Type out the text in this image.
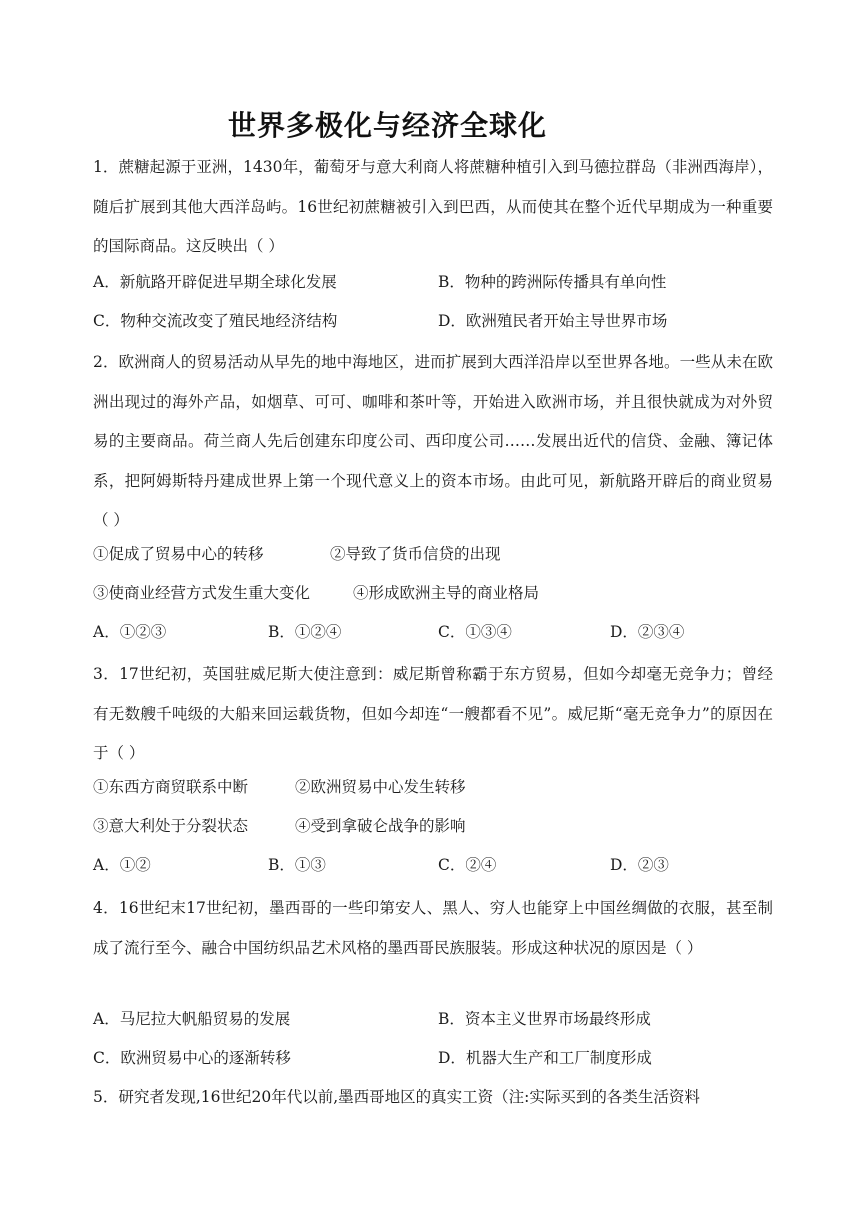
世界多极化与经济全球化
1．蔗糖起源于亚洲，1430年，葡萄牙与意大利商人将蔗糖种植引入到马德拉群岛（非洲西海岸），随后扩展到其他大西洋岛屿。16世纪初蔗糖被引入到巴西，从而使其在整个近代早期成为一种重要的国际商品。这反映出（ ）
A．新航路开辟促进早期全球化发展	B．物种的跨洲际传播具有单向性
C．物种交流改变了殖民地经济结构	D．欧洲殖民者开始主导世界市场
2．欧洲商人的贸易活动从早先的地中海地区，进而扩展到大西洋沿岸以至世界各地。一些从未在欧洲出现过的海外产品，如烟草、可可、咖啡和茶叶等，开始进入欧洲市场，并且很快就成为对外贸易的主要商品。荷兰商人先后创建东印度公司、西印度公司……发展出近代的信贷、金融、簿记体系，把阿姆斯特丹建成世界上第一个现代意义上的资本市场。由此可见，新航路开辟后的商业贸易（ ）
①促成了贸易中心的转移	②导致了货币信贷的出现
③使商业经营方式发生重大变化	④形成欧洲主导的商业格局
A．①②③	B．①②④	C．①③④	D．②③④
3．17世纪初，英国驻威尼斯大使注意到：威尼斯曾称霸于东方贸易，但如今却毫无竞争力；曾经有无数艘千吨级的大船来回运载货物，但如今却连“一艘都看不见”。威尼斯“毫无竞争力”的原因在于（ ）
①东西方商贸联系中断	②欧洲贸易中心发生转移
③意大利处于分裂状态	④受到拿破仑战争的影响
A．①②	B．①③	C．②④	D．②③
4．16世纪末17世纪初，墨西哥的一些印第安人、黑人、穷人也能穿上中国丝绸做的衣服，甚至制成了流行至今、融合中国纺织品艺术风格的墨西哥民族服装。形成这种状况的原因是（ ）
A．马尼拉大帆船贸易的发展	B．资本主义世界市场最终形成
C．欧洲贸易中心的逐渐转移	D．机器大生产和工厂制度形成
5．研究者发现,16世纪20年代以前,墨西哥地区的真实工资（注:实际买到的各类生活资料
